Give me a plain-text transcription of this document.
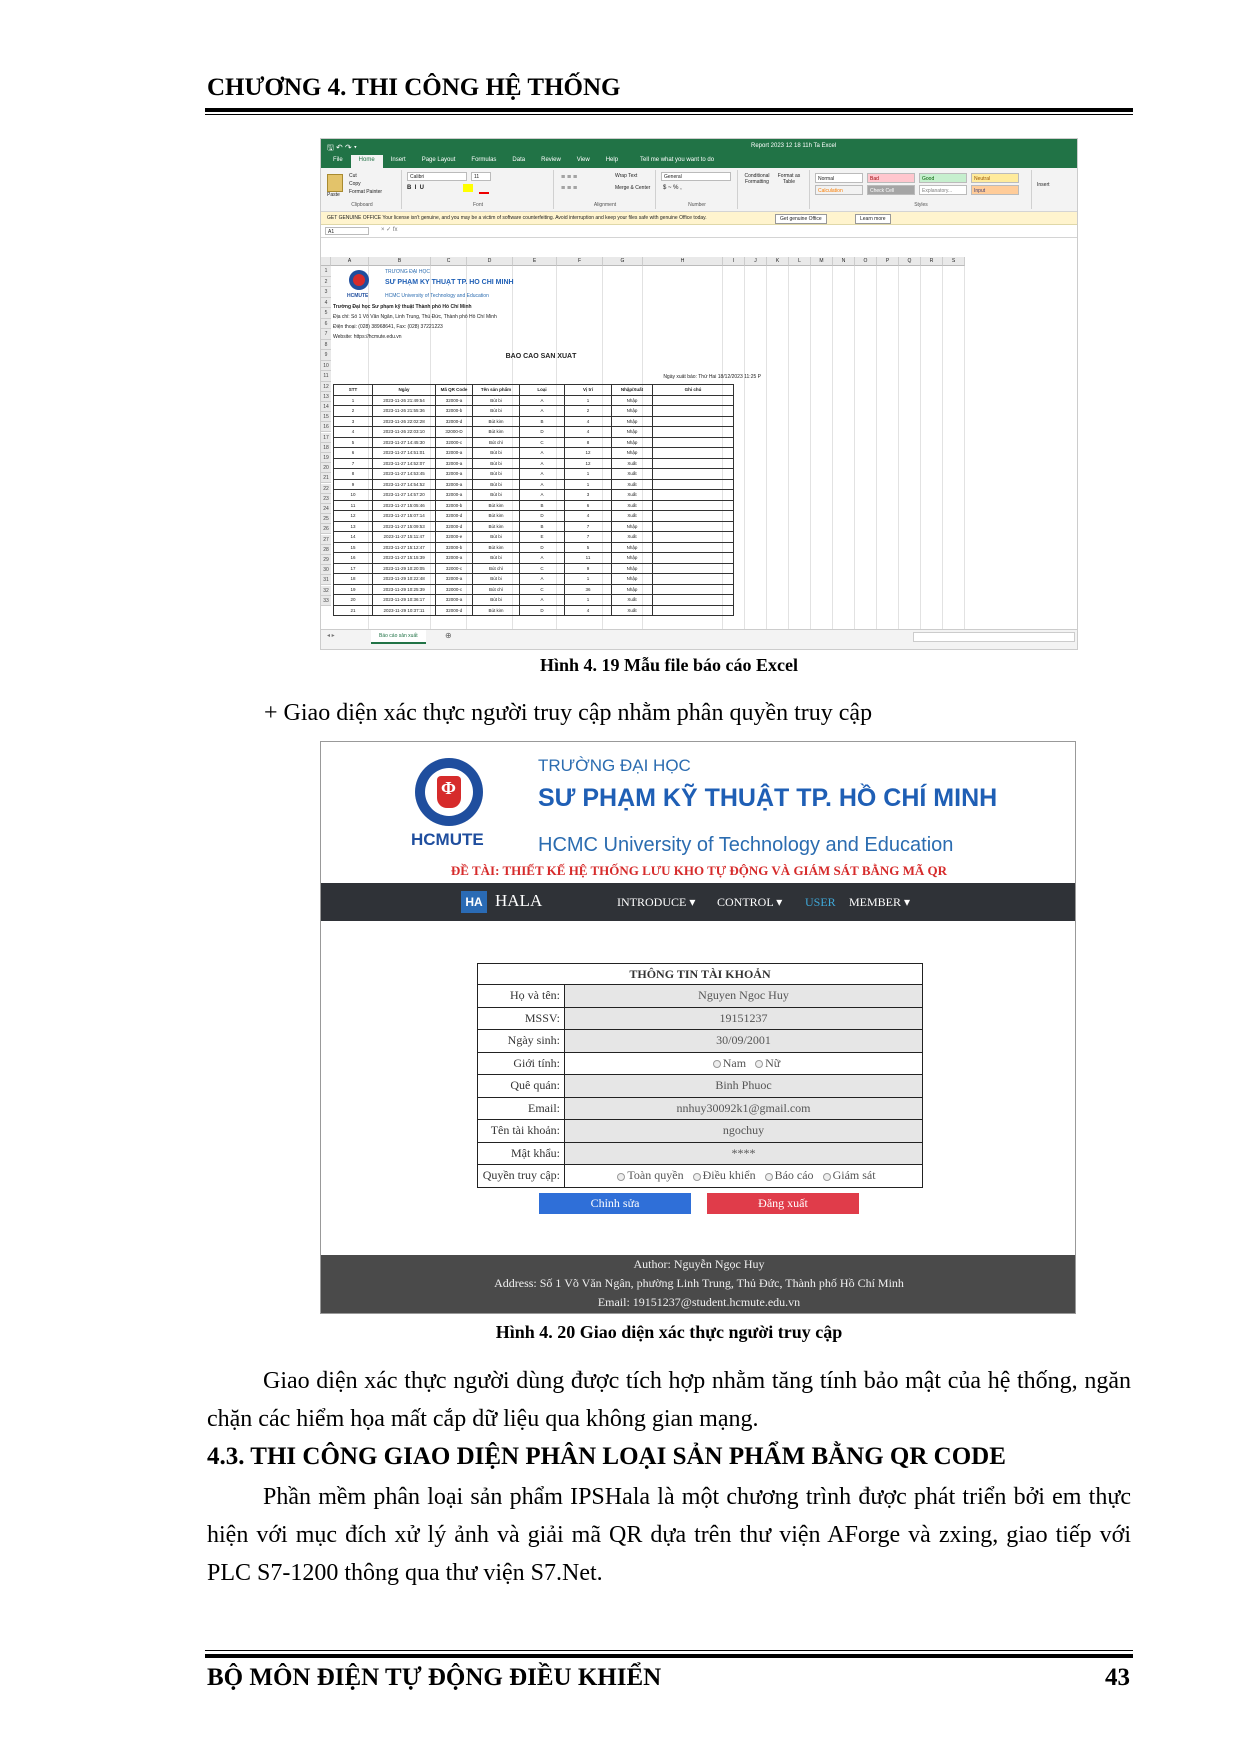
CHƯƠNG 4. THI CÔNG HỆ THỐNG
🖫 ↶ ↷ ▾	Report 2023 12 18 11h Ta Excel
File	Home	Insert	Page Layout	Formulas	Data	Review	View	Help	Tell me what you want to do
Paste
Cut
Copy
Format Painter
Clipboard
Calibri	11
B  I  U
Font
Wrap Text
Merge & Center
≡ ≡ ≡
≡ ≡ ≡
Alignment
General
$ ~ % ,
Number
Conditional Formatting
Format as Table	Normal	Bad	Good	Neutral
Calculation	Check Cell	Explanatory...	Input
Styles
Insert
GET GENUINE OFFICE Your license isn't genuine, and you may be a victim of software counterfeiting. Avoid interruption and keep your files safe with genuine Office today.	Get genuine Office	Learn more
A1	× ✓ fx
A	B	C	D	E	F	G	H	I	J	K	L	M	N	O	P	Q	R	S
1
2
3
4
5
6
7
8
9
10
11
12
13
14
15
16
17
18
19
20
21
22
23
24
25
26
27
28
29
30
31
32
33
HCMUTE
TRƯỜNG ĐẠI HỌC
SƯ PHẠM KỸ THUẬT TP. HỒ CHÍ MINH
HCMC University of Technology and Education
Trường Đại học Sư phạm kỹ thuật Thành phố Hồ Chí Minh
Địa chỉ: Số 1 Võ Văn Ngân, Linh Trung, Thủ Đức, Thành phố Hồ Chí Minh
Điện thoại: (028) 38968641, Fax: (028) 37221223
Website: https://hcmute.edu.vn
BÁO CÁO SẢN XUẤT
Ngày xuất báo: Thứ Hai 18/12/2023 11:25 P
STT	Ngày	Mã QR Code	Tên sản phẩm	Loại	Vị trí	Nhập/Xuất	Ghi chú
1	2023-11-26 21:49:54	32000-a	Bút bi	A	1	Nhập	
2	2023-11-26 21:55:36	32000-b	Bút bi	A	2	Nhập	
3	2023-11-26 22:02:28	32000-d	Bút kim	B	4	Nhập	
4	2023-11-26 22:03:10	32000-D	Bút kim	D	4	Nhập	
5	2023-11-27 14:45:30	32000-c	Bút chì	C	8	Nhập	
6	2023-11-27 14:51:01	32000-a	Bút bi	A	12	Nhập	
7	2023-11-27 14:52:07	32000-a	Bút bi	A	12	Xuất	
8	2023-11-27 14:53:45	32000-a	Bút bi	A	1	Xuất	
9	2023-11-27 14:54:52	32000-a	Bút bi	A	1	Xuất	
10	2023-11-27 14:57:20	32000-a	Bút bi	A	3	Xuất	
11	2023-11-27 15:05:46	32000-b	Bút kim	B	6	Xuất	
12	2023-11-27 15:07:14	32000-d	Bút kim	D	4	Xuất	
13	2023-11-27 15:09:53	32000-d	Bút kim	B	7	Nhập	
14	2023-11-27 15:11:47	32000-e	Bút bi	E	7	Xuất	
15	2023-11-27 15:12:47	32000-b	Bút kim	D	5	Nhập	
16	2023-11-27 15:15:39	32000-a	Bút bi	A	11	Nhập	
17	2023-11-29 10:20:05	32000-c	Bút chì	C	9	Nhập	
18	2023-11-29 10:22:48	32000-a	Bút bi	A	1	Nhập	
19	2023-11-29 10:25:39	32000-c	Bút chì	C	36	Nhập	
20	2023-11-29 10:36:17	32000-a	Bút bi	A	1	Xuất	
21	2023-11-29 10:37:11	32000-d	Bút kim	D	4	Xuất	
◂ ▸	Báo cáo sản xuất	⊕
Hình 4. 19 Mẫu file báo cáo Excel
+ Giao diện xác thực người truy cập nhằm phân quyền truy cập
Φ
HCMUTE
TRƯỜNG ĐẠI HỌC
SƯ PHẠM KỸ THUẬT TP. HỒ CHÍ MINH
HCMC University of Technology and Education
ĐỀ TÀI: THIẾT KẾ HỆ THỐNG LƯU KHO TỰ ĐỘNG VÀ GIÁM SÁT BẰNG MÃ QR
HA HALA	INTRODUCE ▾ CONTROL ▾ USER MEMBER ▾
THÔNG TIN TÀI KHOẢN	
Họ và tên:	Nguyen Ngoc Huy
MSSV:	19151237
Ngày sinh:	30/09/2001
Giới tính:	Nam Nữ
Quê quán:	Binh Phuoc
Email:	nnhuy30092k1@gmail.com
Tên tài khoản:	ngochuy
Mật khẩu:	****
Quyền truy cập:	Toàn quyền Điều khiển Báo cáo Giám sát
Chỉnh sửa	Đăng xuất
Author: Nguyễn Ngọc Huy
Address: Số 1 Võ Văn Ngân, phường Linh Trung, Thủ Đức, Thành phố Hồ Chí Minh
Email: 19151237@student.hcmute.edu.vn
Hình 4. 20 Giao diện xác thực người truy cập
Giao diện xác thực người dùng được tích hợp nhằm tăng tính bảo mật của hệ thống, ngăn chặn các hiểm họa mất cắp dữ liệu qua không gian mạng.
4.3. THI CÔNG GIAO DIỆN PHÂN LOẠI SẢN PHẨM BẰNG QR CODE
Phần mềm phân loại sản phẩm IPSHala là một chương trình được phát triển bởi em thực hiện với mục đích xử lý ảnh và giải mã QR dựa trên thư viện AForge và zxing, giao tiếp với PLC S7-1200 thông qua thư viện S7.Net.
BỘ MÔN ĐIỆN TỰ ĐỘNG ĐIỀU KHIỂN	43
